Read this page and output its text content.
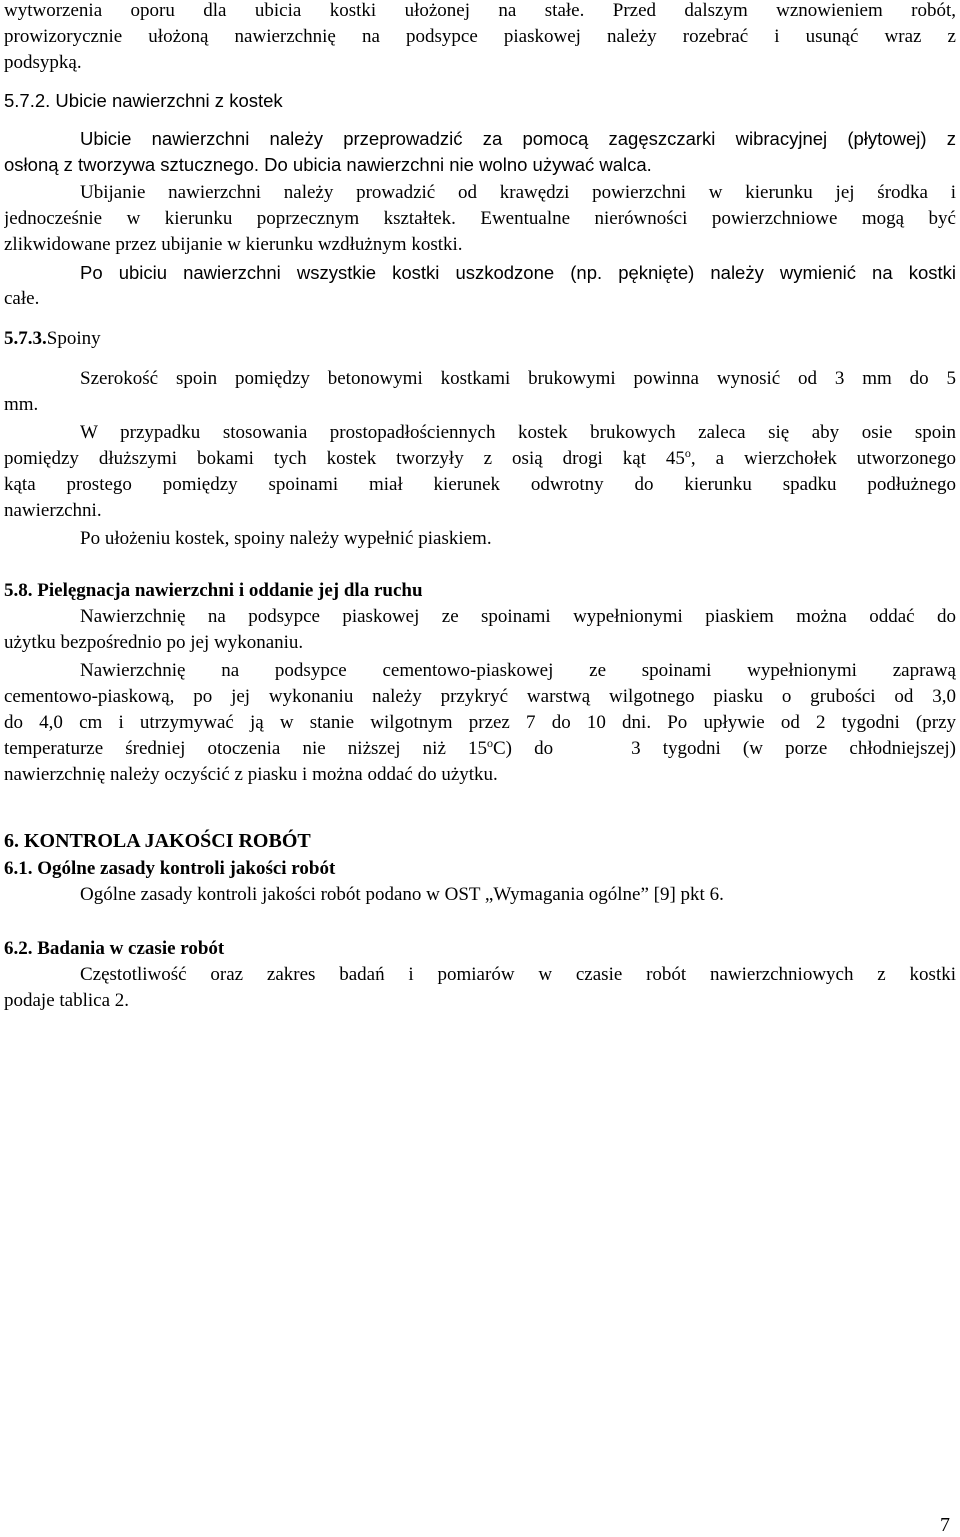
wytworzenia oporu dla ubicia kostki ułożonej na stałe. Przed dalszym wznowieniem robót,
prowizorycznie ułożoną nawierzchnię na podsypce piaskowej należy rozebrać i usunąć wraz z
podsypką.
5.7.2. Ubicie nawierzchni z kostek
Ubicie nawierzchni należy przeprowadzić za pomocą zagęszczarki wibracyjnej (płytowej) z
osłoną z tworzywa sztucznego. Do ubicia nawierzchni nie wolno używać walca.
Ubijanie nawierzchni należy prowadzić od krawędzi powierzchni w kierunku jej środka i
jednocześnie w kierunku poprzecznym kształtek. Ewentualne nierówności powierzchniowe mogą być
zlikwidowane przez ubijanie w kierunku wzdłużnym kostki.
Po ubiciu nawierzchni wszystkie kostki uszkodzone (np. pęknięte) należy wymienić na kostki
całe.
5.7.3.Spoiny
Szerokość spoin pomiędzy betonowymi kostkami brukowymi powinna wynosić od 3 mm do 5
mm.
W przypadku stosowania prostopadłościennych kostek brukowych zaleca się aby osie spoin
pomiędzy dłuższymi bokami tych kostek tworzyły z osią drogi kąt 45$^o$, a wierzchołek utworzonego
kąta prostego pomiędzy spoinami miał kierunek odwrotny do kierunku spadku podłużnego
nawierzchni.
Po ułożeniu kostek, spoiny należy wypełnić piaskiem.
5.8. Pielęgnacja nawierzchni i oddanie jej dla ruchu
Nawierzchnię na podsypce piaskowej ze spoinami wypełnionymi piaskiem można oddać do
użytku bezpośrednio po jej wykonaniu.
Nawierzchnię na podsypce cementowo-piaskowej ze spoinami wypełnionymi zaprawą
cementowo-piaskową, po jej wykonaniu należy przykryć warstwą wilgotnego piasku o grubości od 3,0
do 4,0 cm i utrzymywać ją w stanie wilgotnym przez 7 do 10 dni. Po upływie od 2 tygodni (przy
temperaturze średniej otoczenia nie niższej niż 15$^o$C) do	3 tygodni (w porze chłodniejszej)
nawierzchnię należy oczyścić z piasku i można oddać do użytku.
6. KONTROLA JAKOŚCI ROBÓT
6.1. Ogólne zasady kontroli jakości robót
Ogólne zasady kontroli jakości robót podano w OST „Wymagania ogólne” [9] pkt 6.
6.2. Badania w czasie robót
Częstotliwość oraz zakres badań i pomiarów w czasie robót nawierzchniowych z kostki
podaje tablica 2.
7
